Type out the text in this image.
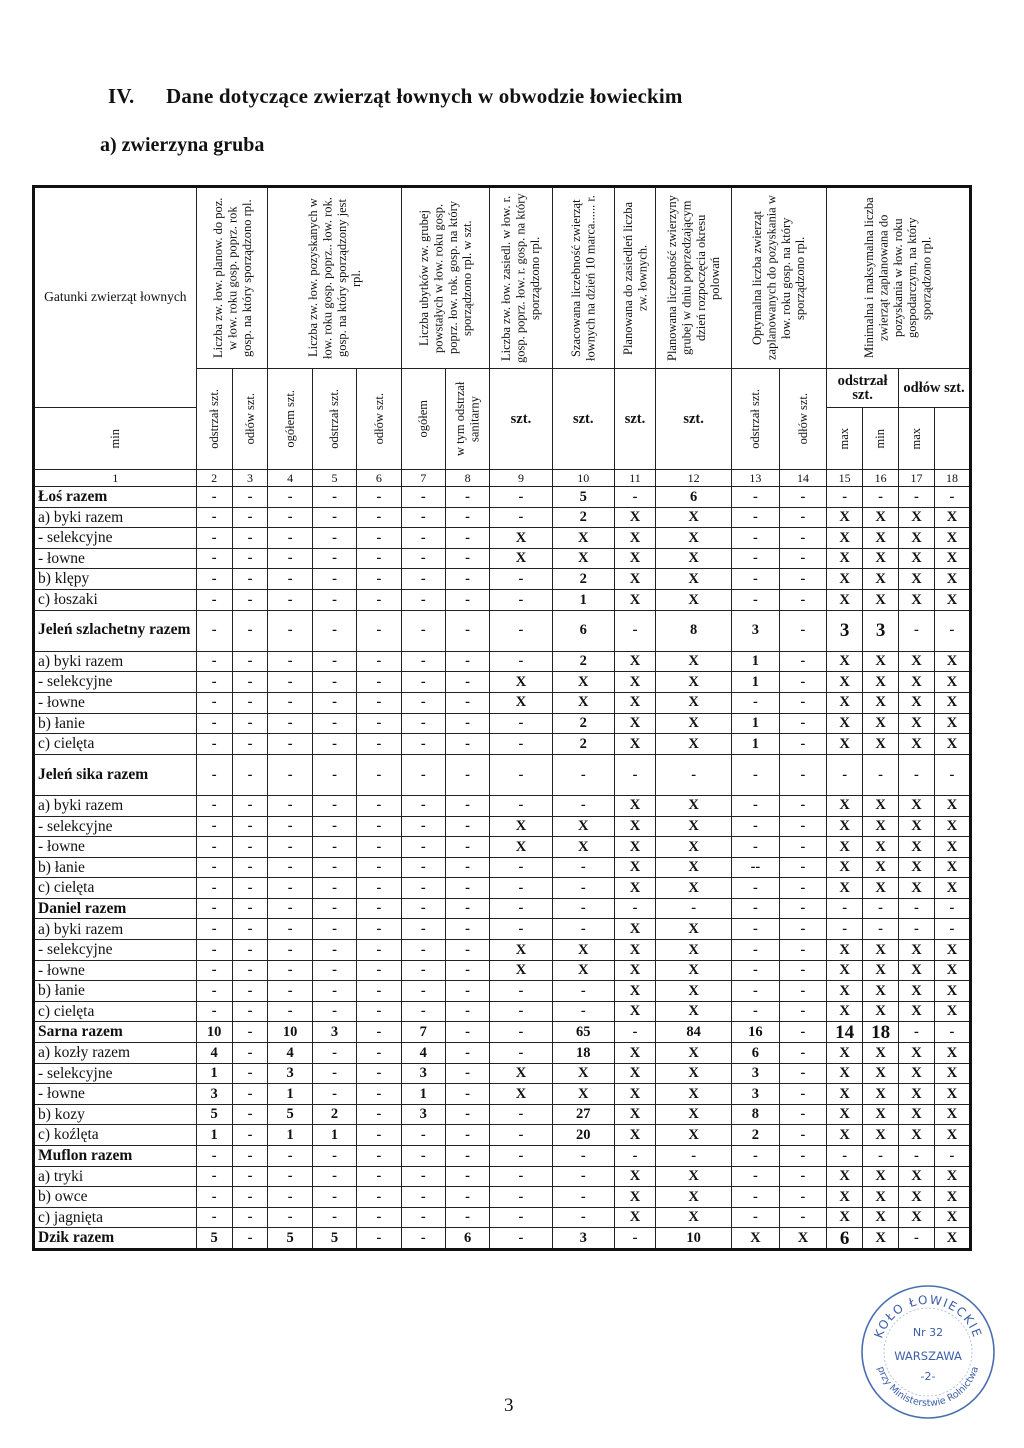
IV. Dane dotyczące zwierząt łownych w obwodzie łowieckim
a) zwierzyna gruba
Gatunki zwierząt łownych	Liczba zw. łow. planow. do poz. w łow. roku gosp. poprz. rok gosp. na który sporządzono rpl.		Liczba zw. łow. pozyskanych w łow. roku gosp. poprz.. łow. rok. gosp. na który sporządzony jest rpl.			Liczba ubytków zw. grubej powstałych w łow. roku gosp. poprz. łow. rok. gosp. na który sporządzono rpl. w szt.		Liczba zw. łow. zasiedl. w łow. r. gosp. poprz. łow. r. gosp. na który sporządzono rpl.	Szacowana liczebność zwierząt łownych na dzień 10 marca...... r.	Planowana do zasiedleń liczba zw. łownych.	Planowana liczebność zwierzyny grubej w dniu poprzedzającym dzień rozpoczęcia okresu polowań	Optymalna liczba zwierząt zaplanowanych do pozyskania w łow. roku gosp. na który sporządzono rpl.		Minimalna i maksymalna liczba zwierząt zaplanowana do pozyskania w łow. roku gospodarczym, na który sporządzono rpl.			

	odstrzał szt.	odłów szt.	ogółem szt.	odstrzał szt.	odłów szt.	ogółem	w tym odstrzał sanitarny	szt.	szt.	szt.	szt.	odstrzał szt.	odłów szt.	odstrzał szt.		odłów szt.	

min														max	min	max	

1	2	3	4	5	6	7	8	9	10	11	12	13	14	15	16	17	18
Łoś razem	-	-	-	-	-	-	-	-	5	-	6	-	-	-	-	-	-
a) byki razem	-	-	-	-	-	-	-	-	2	X	X	-	-	X	X	X	X
- selekcyjne	-	-	-	-	-	-	-	X	X	X	X	-	-	X	X	X	X
- łowne	-	-	-	-	-	-	-	X	X	X	X	-	-	X	X	X	X
b) klępy	-	-	-	-	-	-	-	-	2	X	X	-	-	X	X	X	X
c) łoszaki	-	-	-	-	-	-	-	-	1	X	X	-	-	X	X	X	X
Jeleń szlachetny razem	-	-	-	-	-	-	-	-	6	-	8	3	-	3	3	-	-
a) byki razem	-	-	-	-	-	-	-	-	2	X	X	1	-	X	X	X	X
- selekcyjne	-	-	-	-	-	-	-	X	X	X	X	1	-	X	X	X	X
- łowne	-	-	-	-	-	-	-	X	X	X	X	-	-	X	X	X	X
b) łanie	-	-	-	-	-	-	-	-	2	X	X	1	-	X	X	X	X
c) cielęta	-	-	-	-	-	-	-	-	2	X	X	1	-	X	X	X	X
Jeleń sika razem	-	-	-	-	-	-	-	-	-	-	-	-	-	-	-	-	-
a) byki razem	-	-	-	-	-	-	-	-	-	X	X	-	-	X	X	X	X
- selekcyjne	-	-	-	-	-	-	-	X	X	X	X	-	-	X	X	X	X
- łowne	-	-	-	-	-	-	-	X	X	X	X	-	-	X	X	X	X
b) łanie	-	-	-	-	-	-	-	-	-	X	X	--	-	X	X	X	X
c) cielęta	-	-	-	-	-	-	-	-	-	X	X	-	-	X	X	X	X
Daniel razem	-	-	-	-	-	-	-	-	-	-	-	-	-	-	-	-	-
a) byki razem	-	-	-	-	-	-	-	-	-	X	X	-	-	-	-	-	-
- selekcyjne	-	-	-	-	-	-	-	X	X	X	X	-	-	X	X	X	X
- łowne	-	-	-	-	-	-	-	X	X	X	X	-	-	X	X	X	X
b) łanie	-	-	-	-	-	-	-	-	-	X	X	-	-	X	X	X	X
c) cielęta	-	-	-	-	-	-	-	-	-	X	X	-	-	X	X	X	X
Sarna razem	10	-	10	3	-	7	-	-	65	-	84	16	-	14	18	-	-
a) kozły razem	4	-	4	-	-	4	-	-	18	X	X	6	-	X	X	X	X
- selekcyjne	1	-	3	-	-	3	-	X	X	X	X	3	-	X	X	X	X
- łowne	3	-	1	-	-	1	-	X	X	X	X	3	-	X	X	X	X
b) kozy	5	-	5	2	-	3	-	-	27	X	X	8	-	X	X	X	X
c) koźlęta	1	-	1	1	-	-	-	-	20	X	X	2	-	X	X	X	X
Muflon razem	-	-	-	-	-	-	-	-	-	-	-	-	-	-	-	-	-
a) tryki	-	-	-	-	-	-	-	-	-	X	X	-	-	X	X	X	X
b) owce	-	-	-	-	-	-	-	-	-	X	X	-	-	X	X	X	X
c) jagnięta	-	-	-	-	-	-	-	-	-	X	X	-	-	X	X	X	X
Dzik razem	5	-	5	5	-	-	6	-	3	-	10	X	X	6	X	-	X
3
KOŁO ŁOWIECKIE
Nr 32
WARSZAWA
-2-
przy Ministerstwie Rolnictwa
